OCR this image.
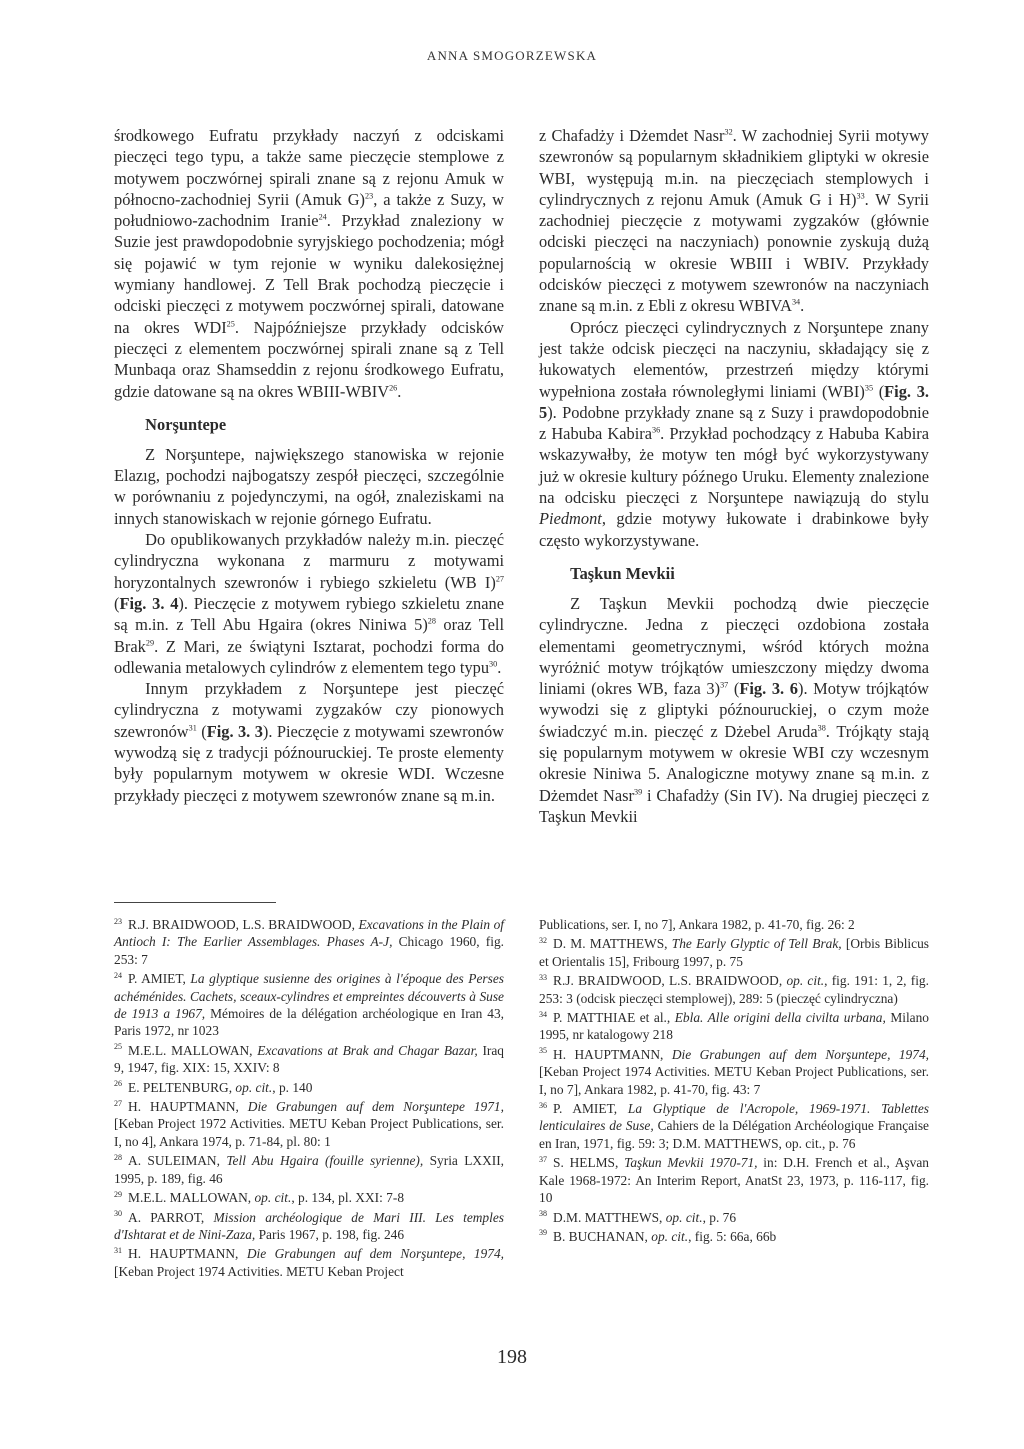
ANNA SMOGORZEWSKA

środkowego Eufratu przykłady naczyń z odciskami pieczęci tego typu, a także same pieczęcie stemplowe z motywem poczwórnej spirali znane są z rejonu Amuk w północno-zachodniej Syrii (Amuk G)$^{23}$, a także z Suzy, w południowo-zachodnim Iranie$^{24}$. Przykład znaleziony w Suzie jest prawdopodobnie syryjskiego pochodzenia; mógł się pojawić w tym rejonie w wyniku dalekosiężnej wymiany handlowej. Z Tell Brak pochodzą pieczęcie i odciski pieczęci z motywem poczwórnej spirali, datowane na okres WDI$^{25}$. Najpóźniejsze przykłady odcisków pieczęci z elementem poczwórnej spirali znane są z Tell Munbaqa oraz Shamseddin z rejonu środkowego Eufratu, gdzie datowane są na okres WBIII-WBIV$^{26}$.

Norşuntepe

Z Norşuntepe, największego stanowiska w rejonie Elazıg, pochodzi najbogatszy zespół pieczęci, szczególnie w porównaniu z pojedynczymi, na ogół, znaleziskami na innych stanowiskach w rejonie górnego Eufratu.

Do opublikowanych przykładów należy m.in. pieczęć cylindryczna wykonana z marmuru z motywami horyzontalnych szewronów i rybiego szkieletu (WB I)$^{27}$ (Fig. 3. 4). Pieczęcie z motywem rybiego szkieletu znane są m.in. z Tell Abu Hgaira (okres Niniwa 5)$^{28}$ oraz Tell Brak$^{29}$. Z Mari, ze świątyni Isztarat, pochodzi forma do odlewania metalowych cylindrów z elementem tego typu$^{30}$.

Innym przykładem z Norşuntepe jest pieczęć cylindryczna z motywami zygzaków czy pionowych szewronów$^{31}$ (Fig. 3. 3). Pieczęcie z motywami szewronów wywodzą się z tradycji późnouruckiej. Te proste elementy były popularnym motywem w okresie WDI. Wczesne przykłady pieczęci z motywem szewronów znane są m.in.

z Chafadży i Dżemdet Nasr$^{32}$. W zachodniej Syrii motywy szewronów są popularnym składnikiem gliptyki w okresie WBI, występują m.in. na pieczęciach stemplowych i cylindrycznych z rejonu Amuk (Amuk G i H)$^{33}$. W Syrii zachodniej pieczęcie z motywami zygzaków (głównie odciski pieczęci na naczyniach) ponownie zyskują dużą popularnością w okresie WBIII i WBIV. Przykłady odcisków pieczęci z motywem szewronów na naczyniach znane są m.in. z Ebli z okresu WBIVA$^{34}$.

Oprócz pieczęci cylindrycznych z Norşuntepe znany jest także odcisk pieczęci na naczyniu, składający się z łukowatych elementów, przestrzeń między którymi wypełniona została równoległymi liniami (WBI)$^{35}$ (Fig. 3. 5). Podobne przykłady znane są z Suzy i prawdopodobnie z Habuba Kabira$^{36}$. Przykład pochodzący z Habuba Kabira wskazywałby, że motyw ten mógł być wykorzystywany już w okresie kultury późnego Uruku. Elementy znalezione na odcisku pieczęci z Norşuntepe nawiązują do stylu Piedmont, gdzie motywy łukowate i drabinkowe były często wykorzystywane.

Taşkun Mevkii

Z Taşkun Mevkii pochodzą dwie pieczęcie cylindryczne. Jedna z pieczęci ozdobiona została elementami geometrycznymi, wśród których można wyróżnić motyw trójkątów umieszczony między dwoma liniami (okres WB, faza 3)$^{37}$ (Fig. 3. 6). Motyw trójkątów wywodzi się z gliptyki późnouruckiej, o czym może świadczyć m.in. pieczęć z Dżebel Aruda$^{38}$. Trójkąty stają się popularnym motywem w okresie WBI czy wczesnym okresie Niniwa 5. Analogiczne motywy znane są m.in. z Dżemdet Nasr$^{39}$ i Chafadży (Sin IV). Na drugiej pieczęci z Taşkun Mevkii

$^{23}$ R.J. BRAIDWOOD, L.S. BRAIDWOOD, Excavations in the Plain of Antioch I: The Earlier Assemblages. Phases A-J, Chicago 1960, fig. 253: 7

$^{24}$ P. AMIET, La glyptique susienne des origines à l'époque des Perses achéménides. Cachets, sceaux-cylindres et empreintes découverts à Suse de 1913 a 1967, Mémoires de la délégation archéologique en Iran 43, Paris 1972, nr 1023

$^{25}$ M.E.L. MALLOWAN, Excavations at Brak and Chagar Bazar, Iraq 9, 1947, fig. XIX: 15, XXIV: 8

$^{26}$ E. PELTENBURG, op. cit., p. 140

$^{27}$ H. HAUPTMANN, Die Grabungen auf dem Norşuntepe 1971, [Keban Project 1972 Activities. METU Keban Project Publications, ser. I, no 4], Ankara 1974, p. 71-84, pl. 80: 1

$^{28}$ A. SULEIMAN, Tell Abu Hgaira (fouille syrienne), Syria LXXII, 1995, p. 189, fig. 46

$^{29}$ M.E.L. MALLOWAN, op. cit., p. 134, pl. XXI: 7-8

$^{30}$ A. PARROT, Mission archéologique de Mari III. Les temples d'Ishtarat et de Nini-Zaza, Paris 1967, p. 198, fig. 246

$^{31}$ H. HAUPTMANN, Die Grabungen auf dem Norşuntepe, 1974, [Keban Project 1974 Activities. METU Keban Project

Publications, ser. I, no 7], Ankara 1982, p. 41-70, fig. 26: 2

$^{32}$ D. M. MATTHEWS, The Early Glyptic of Tell Brak, [Orbis Biblicus et Orientalis 15], Fribourg 1997, p. 75

$^{33}$ R.J. BRAIDWOOD, L.S. BRAIDWOOD, op. cit., fig. 191: 1, 2, fig. 253: 3 (odcisk pieczęci stemplowej), 289: 5 (pieczęć cylindryczna)

$^{34}$ P. MATTHIAE et al., Ebla. Alle origini della civilta urbana, Milano 1995, nr katalogowy 218

$^{35}$ H. HAUPTMANN, Die Grabungen auf dem Norşuntepe, 1974, [Keban Project 1974 Activities. METU Keban Project Publications, ser. I, no 7], Ankara 1982, p. 41-70, fig. 43: 7

$^{36}$ P. AMIET, La Glyptique de l'Acropole, 1969-1971. Tablettes lenticulaires de Suse, Cahiers de la Délégation Archéologique Française en Iran, 1971, fig. 59: 3; D.M. MATTHEWS, op. cit., p. 76

$^{37}$ S. HELMS, Taşkun Mevkii 1970-71, in: D.H. French et al., Aşvan Kale 1968-1972: An Interim Report, AnatSt 23, 1973, p. 116-117, fig. 10

$^{38}$ D.M. MATTHEWS, op. cit., p. 76

$^{39}$ B. BUCHANAN, op. cit., fig. 5: 66a, 66b

198
